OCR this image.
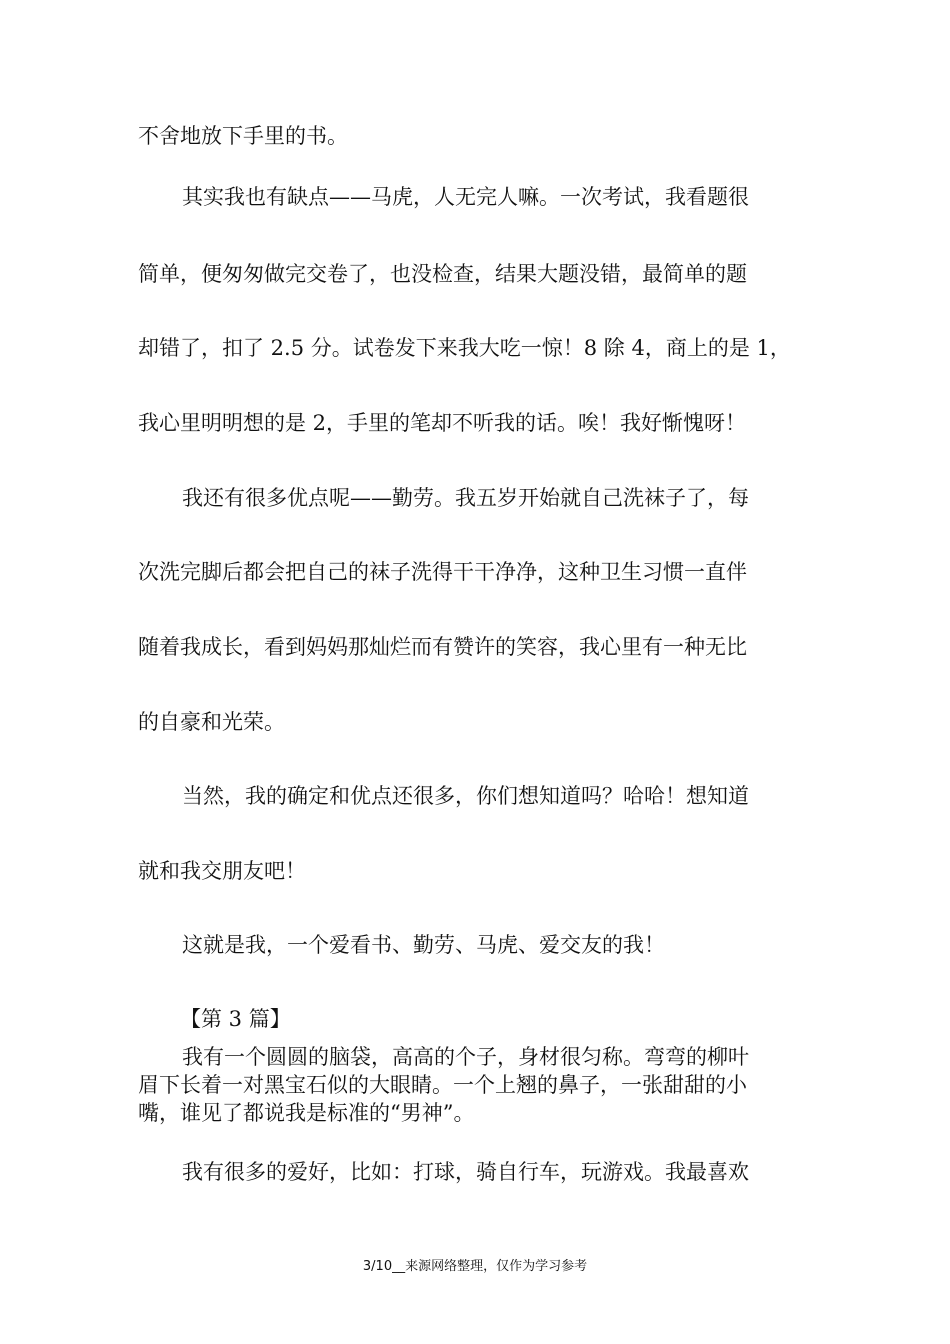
不舍地放下手里的书。
其实我也有缺点——马虎，人无完人嘛。一次考试，我看题很
简单，便匆匆做完交卷了，也没检查，结果大题没错，最简单的题
却错了，扣了 2.5 分。试卷发下来我大吃一惊！8 除 4，商上的是 1，
我心里明明想的是 2，手里的笔却不听我的话。唉！我好惭愧呀！
我还有很多优点呢——勤劳。我五岁开始就自己洗袜子了，每
次洗完脚后都会把自己的袜子洗得干干净净，这种卫生习惯一直伴
随着我成长，看到妈妈那灿烂而有赞许的笑容，我心里有一种无比
的自豪和光荣。
当然，我的确定和优点还很多，你们想知道吗？哈哈！想知道
就和我交朋友吧！
这就是我，一个爱看书、勤劳、马虎、爱交友的我！
【第 3 篇】
我有一个圆圆的脑袋，高高的个子，身材很匀称。弯弯的柳叶
眉下长着一对黑宝石似的大眼睛。一个上翘的鼻子，一张甜甜的小
嘴，谁见了都说我是标准的“男神”。
我有很多的爱好，比如：打球，骑自行车，玩游戏。我最喜欢
3/10__来源网络整理，仅作为学习参考
